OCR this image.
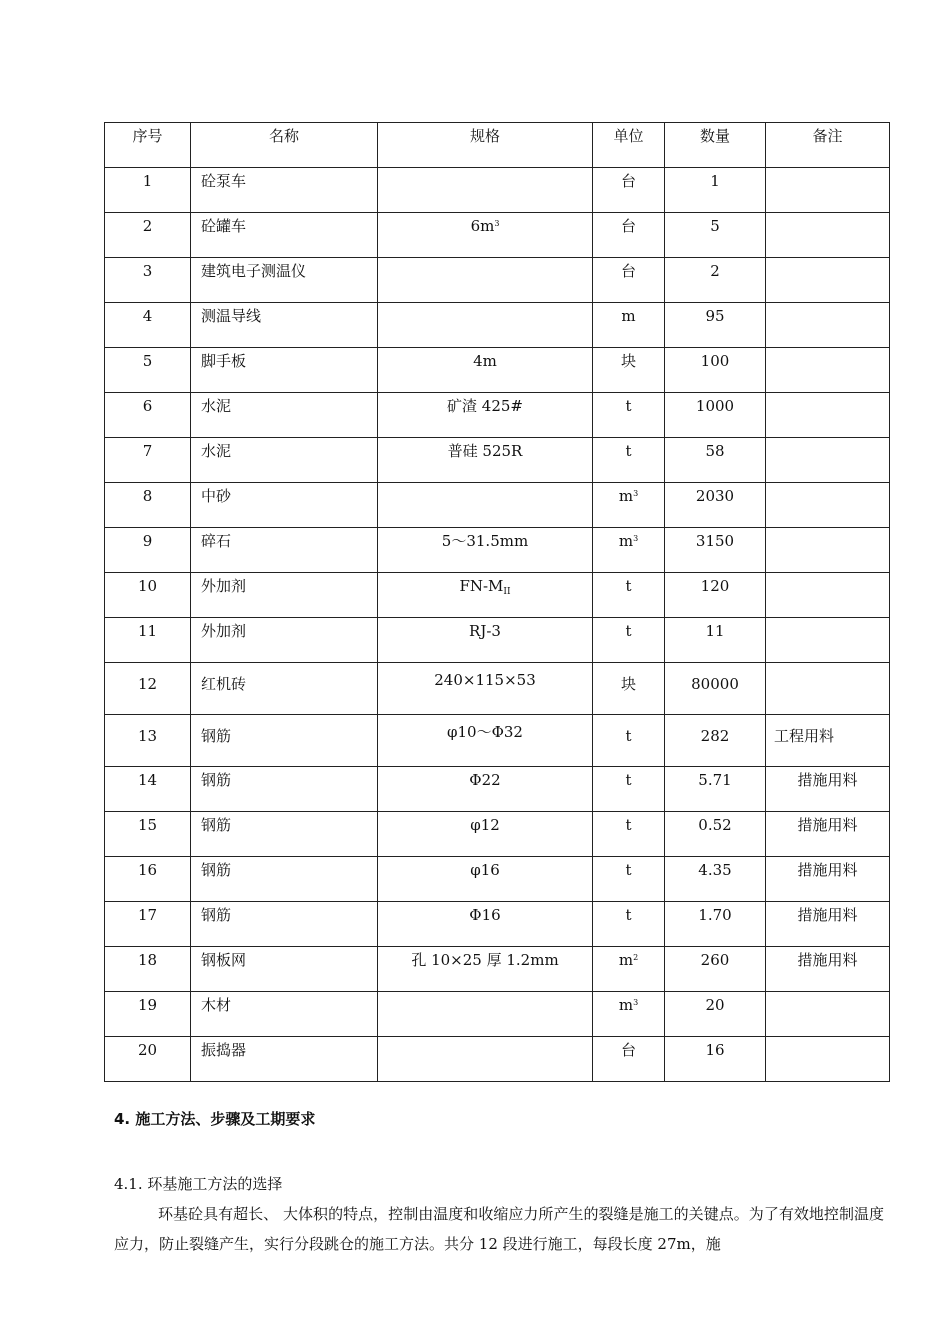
序号	名称	规格	单位	数量	备注

1	砼泵车		台	1	

2	砼罐车	$6m^3$	台	5	

3	建筑电子测温仪		台	2	

4	测温导线		m	95	

5	脚手板	4m	块	100	

6	水泥	矿渣 425#	t	1000	

7	水泥	普硅 525R	t	58	

8	中砂		$m^3$	2030	

9	碎石	5～31.5mm	$m^3$	3150	

10	外加剂	$FN-M_{II}$	t	120	

11	外加剂	RJ-3	t	11	

12	红机砖	240×115×53	块	80000	

13	钢筋	φ10～Φ32	t	282	工程用料

14	钢筋	Φ22	t	5.71	措施用料

15	钢筋	φ12	t	0.52	措施用料

16	钢筋	φ16	t	4.35	措施用料

17	钢筋	Φ16	t	1.70	措施用料

18	钢板网	孔 10×25 厚 1.2mm	$m^2$	260	措施用料

19	木材		$m^3$	20	

20	振捣器		台	16	

4. 施工方法、步骤及工期要求
4.1. 环基施工方法的选择
环基砼具有超长、 大体积的特点，控制由温度和收缩应力所产生的裂缝是施工的关键点。为了有效地控制温度应力，防止裂缝产生，实行分段跳仓的施工方法。共分 12 段进行施工，每段长度 27m，施
